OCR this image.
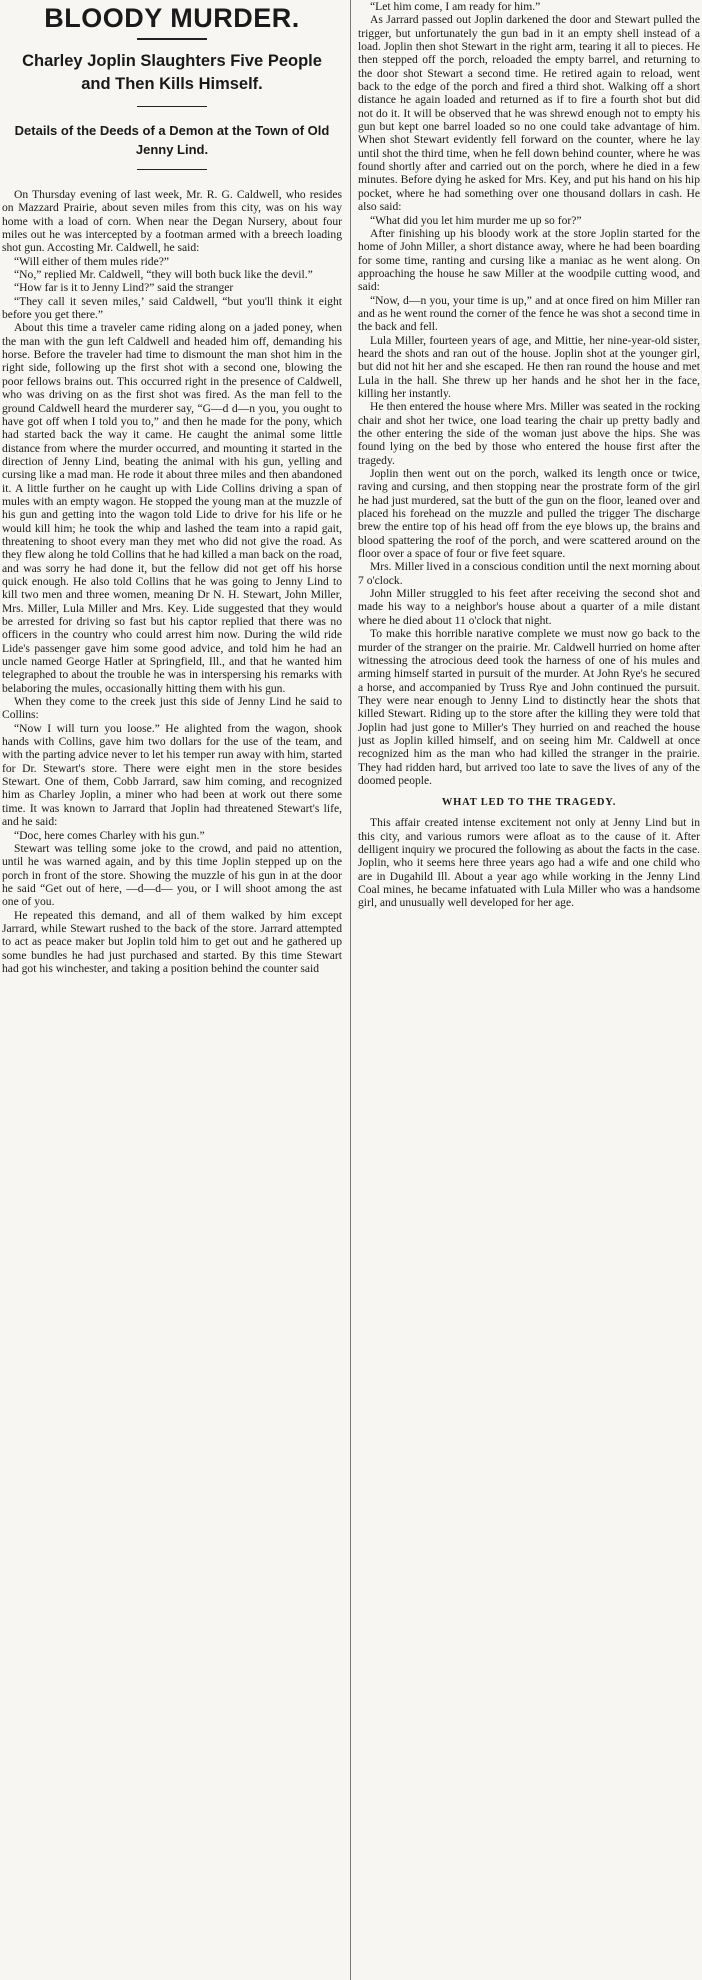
BLOODY MURDER.
Charley Joplin Slaughters Five People and Then Kills Himself.
Details of the Deeds of a Demon at the Town of Old Jenny Lind.

On Thursday evening of last week, Mr. R. G. Caldwell, who resides on Mazzard Prairie, about seven miles from this city, was on his way home with a load of corn. When near the Degan Nursery, about four miles out he was intercepted by a footman armed with a breech loading shot gun. Accosting Mr. Caldwell, he said:

“Will either of them mules ride?”

“No,” replied Mr. Caldwell, “they will both buck like the devil.”

“How far is it to Jenny Lind?” said the stranger

“They call it seven miles,’ said Caldwell, “but you'll think it eight before you get there.”

About this time a traveler came riding along on a jaded poney, when the man with the gun left Caldwell and headed him off, demanding his horse. Before the traveler had time to dismount the man shot him in the right side, following up the first shot with a second one, blowing the poor fellows brains out. This occurred right in the presence of Caldwell, who was driving on as the first shot was fired. As the man fell to the ground Caldwell heard the murderer say, “G—d d—n you, you ought to have got off when I told you to,” and then he made for the pony, which had started back the way it came. He caught the animal some little distance from where the murder occurred, and mounting it started in the direction of Jenny Lind, beating the animal with his gun, yelling and cursing like a mad man. He rode it about three miles and then abandoned it. A little further on he caught up with Lide Collins driving a span of mules with an empty wagon. He stopped the young man at the muzzle of his gun and getting into the wagon told Lide to drive for his life or he would kill him; he took the whip and lashed the team into a rapid gait, threatening to shoot every man they met who did not give the road. As they flew along he told Collins that he had killed a man back on the road, and was sorry he had done it, but the fellow did not get off his horse quick enough. He also told Collins that he was going to Jenny Lind to kill two men and three women, meaning Dr N. H. Stewart, John Miller, Mrs. Miller, Lula Miller and Mrs. Key. Lide suggested that they would be arrested for driving so fast but his captor replied that there was no officers in the country who could arrest him now. During the wild ride Lide's passenger gave him some good advice, and told him he had an uncle named George Hatler at Springfield, Ill., and that he wanted him telegraphed to about the trouble he was in interspersing his remarks with belaboring the mules, occasionally hitting them with his gun.

When they come to the creek just this side of Jenny Lind he said to Collins:

“Now I will turn you loose.” He alighted from the wagon, shook hands with Collins, gave him two dollars for the use of the team, and with the parting advice never to let his temper run away with him, started for Dr. Stewart's store. There were eight men in the store besides Stewart. One of them, Cobb Jarrard, saw him coming, and recognized him as Charley Joplin, a miner who had been at work out there some time. It was known to Jarrard that Joplin had threatened Stewart's life, and he said:

“Doc, here comes Charley with his gun.”

Stewart was telling some joke to the crowd, and paid no attention, until he was warned again, and by this time Joplin stepped up on the porch in front of the store. Showing the muzzle of his gun in at the door he said “Get out of here, —d—d— you, or I will shoot among the ast one of you.

He repeated this demand, and all of them walked by him except Jarrard, while Stewart rushed to the back of the store. Jarrard attempted to act as peace maker but Joplin told him to get out and he gathered up some bundles he had just purchased and started. By this time Stewart had got his winchester, and taking a position behind the counter said

“Let him come, I am ready for him.”

As Jarrard passed out Joplin darkened the door and Stewart pulled the trigger, but unfortunately the gun bad in it an empty shell instead of a load. Joplin then shot Stewart in the right arm, tearing it all to pieces. He then stepped off the porch, reloaded the empty barrel, and returning to the door shot Stewart a second time. He retired again to reload, went back to the edge of the porch and fired a third shot. Walking off a short distance he again loaded and returned as if to fire a fourth shot but did not do it. It will be observed that he was shrewd enough not to empty his gun but kept one barrel loaded so no one could take advantage of him. When shot Stewart evidently fell forward on the counter, where he lay until shot the third time, when he fell down behind counter, where he was found shortly after and carried out on the porch, where he died in a few minutes. Before dying he asked for Mrs. Key, and put his hand on his hip pocket, where he had something over one thousand dollars in cash. He also said:

“What did you let him murder me up so for?”

After finishing up his bloody work at the store Joplin started for the home of John Miller, a short distance away, where he had been boarding for some time, ranting and cursing like a maniac as he went along. On approaching the house he saw Miller at the woodpile cutting wood, and said:

“Now, d—n you, your time is up,” and at once fired on him Miller ran and as he went round the corner of the fence he was shot a second time in the back and fell.

Lula Miller, fourteen years of age, and Mittie, her nine-year-old sister, heard the shots and ran out of the house. Joplin shot at the younger girl, but did not hit her and she escaped. He then ran round the house and met Lula in the hall. She threw up her hands and he shot her in the face, killing her instantly.

He then entered the house where Mrs. Miller was seated in the rocking chair and shot her twice, one load tearing the chair up pretty badly and the other entering the side of the woman just above the hips. She was found lying on the bed by those who entered the house first after the tragedy.

Joplin then went out on the porch, walked its length once or twice, raving and cursing, and then stopping near the prostrate form of the girl he had just murdered, sat the butt of the gun on the floor, leaned over and placed his forehead on the muzzle and pulled the trigger The discharge brew the entire top of his head off from the eye blows up, the brains and blood spattering the roof of the porch, and were scattered around on the floor over a space of four or five feet square.

Mrs. Miller lived in a conscious condition until the next morning about 7 o'clock.

John Miller struggled to his feet after receiving the second shot and made his way to a neighbor's house about a quarter of a mile distant where he died about 11 o'clock that night.

To make this horrible narative complete we must now go back to the murder of the stranger on the prairie. Mr. Caldwell hurried on home after witnessing the atrocious deed took the harness of one of his mules and arming himself started in pursuit of the murder. At John Rye's he secured a horse, and accompanied by Truss Rye and John continued the pursuit. They were near enough to Jenny Lind to distinctly hear the shots that killed Stewart. Riding up to the store after the killing they were told that Joplin had just gone to Miller's They hurried on and reached the house just as Joplin killed himself, and on seeing him Mr. Caldwell at once recognized him as the man who had killed the stranger in the prairie. They had ridden hard, but arrived too late to save the lives of any of the doomed people.

WHAT LED TO THE TRAGEDY.

This affair created intense excitement not only at Jenny Lind but in this city, and various rumors were afloat as to the cause of it. After delligent inquiry we procured the following as about the facts in the case. Joplin, who it seems here three years ago had a wife and one child who are in Dugahild Ill. About a year ago while working in the Jenny Lind Coal mines, he became infatuated with Lula Miller who was a handsome girl, and unusually well developed for her age.
